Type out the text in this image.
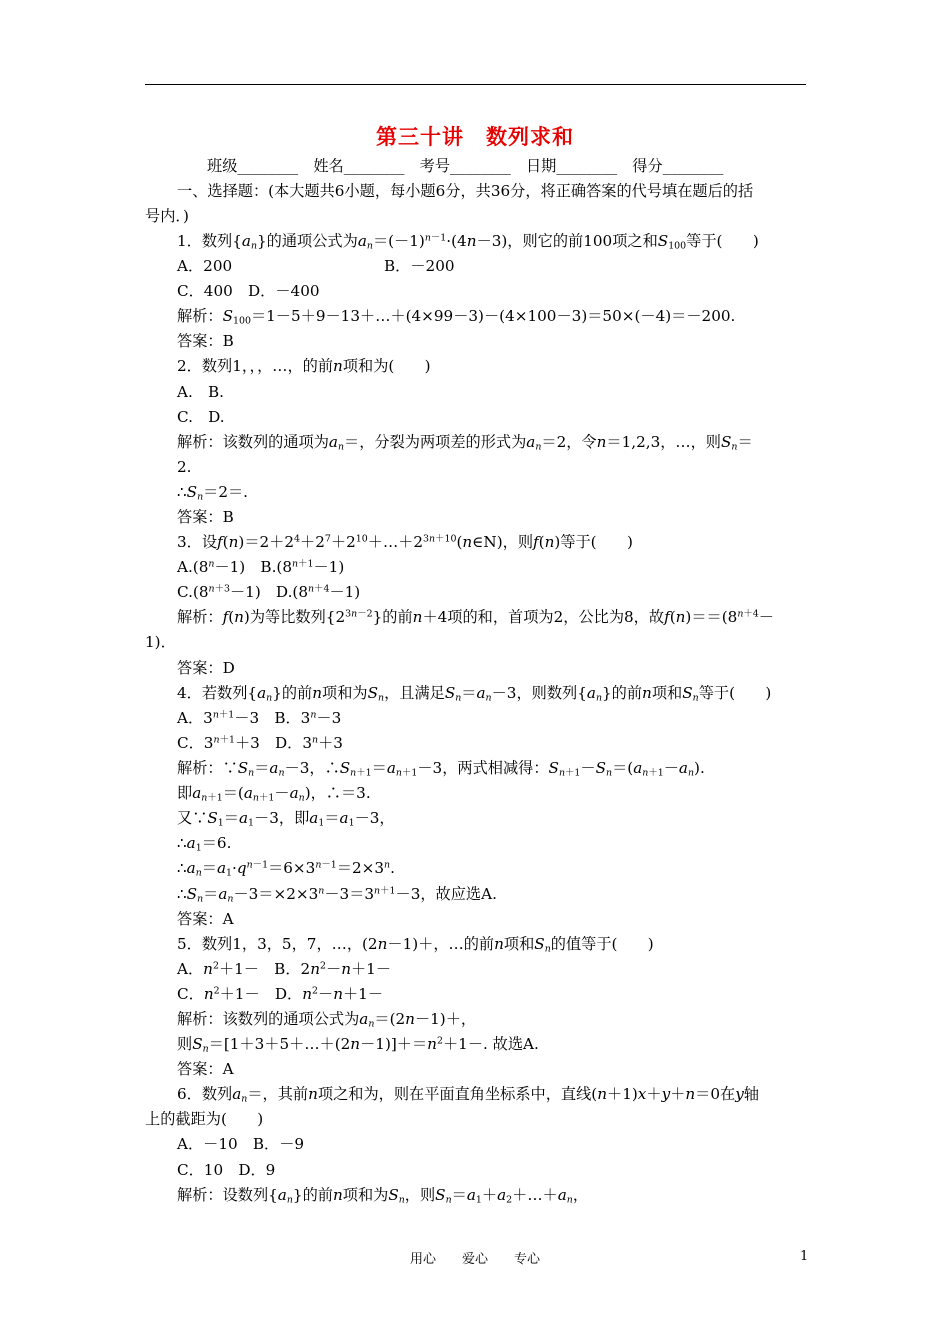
第三十讲　数列求和
班级________　姓名________　考号________　日期________　得分________
一、选择题：(本大题共6小题，每小题6分，共36分，将正确答案的代号填在题后的括
号内．)
1．数列$\{a_n\}$的通项公式为$a_n=(-1)^{n-1}\cdot(4n-3)$，则它的前100项之和$S_{100}$等于(　　)
A．200　　　　　　　　　　B．－200
C．400　D．－400
解析：$S_{100}=1-5+9-13+\dots+(4\times 99-3)-(4\times 100-3)=50\times(-4)=-200$.
答案：B
2．数列1，，，…，的前n项和为(　　)
A.　B.
C.　D.
解析：该数列的通项为$a_n=$，分裂为两项差的形式为$a_n=2$，令n＝1,2,3，…，则$S_n=$
2.
$\therefore S_n=2=$.
答案：B
3．设$f(n)=2+2^4+2^7+2^{10}+\dots+2^{3n+10}(n\in N)$，则f(n)等于(　　)
$A.(8^n-1)$　$B.(8^{n+1}-1)$
$C.(8^{n+3}-1)$　$D.(8^{n+4}-1)$
解析：f(n)为等比数列$\{2^{3n-2}\}$的前n＋4项的和，首项为2，公比为8，故$f(n)==(8^{n+4}-$
1)．
答案：D
4．若数列$\{a_n\}$的前n项和为$S_n$，且满足$S_n=a_n-3$，则数列$\{a_n\}$的前n项和$S_n$等于(　　)
A．$3^{n+1}-3$　B．$3^n-3$
C．$3^{n+1}+3$　D．$3^n+3$
解析：$\because S_n=a_n-3$，$\therefore S_{n+1}=a_{n+1}-3$，两式相减得：$S_{n+1}-S_n=(a_{n+1}-a_n)$.
即$a_{n+1}=(a_{n+1}-a_n)$，∴＝3.
又$\because S_1=a_1-3$，即$a_1=a_1-3$，
$\therefore a_1=6$.
$\therefore a_n=a_1\cdot q^{n-1}=6\times 3^{n-1}=2\times 3^n$.
$\therefore S_n=a_n-3=\times 2\times 3^n-3=3^{n+1}-3$，故应选A.
答案：A
5．数列1，3，5，7，…，(2n－1)＋，…的前n项和$S_n$的值等于(　　)
A．$n^2+1-$　B．$2n^2-n+1-$
C．$n^2+1-$　D．$n^2-n+1-$
解析：该数列的通项公式为$a_n=(2n-1)+$，
则$S_n=[1+3+5+\dots+(2n-1)]+=n^2+1-$. 故选A.
答案：A
6．数列$a_n=$，其前n项之和为，则在平面直角坐标系中，直线(n＋1)x＋y＋n＝0在y轴
上的截距为(　　)
A．－10　B．－9
C．10　D．9
解析：设数列$\{a_n\}$的前n项和为$S_n$，则$S_n=a_1+a_2+\dots+a_n$，
用心　　爱心　　专心	1
